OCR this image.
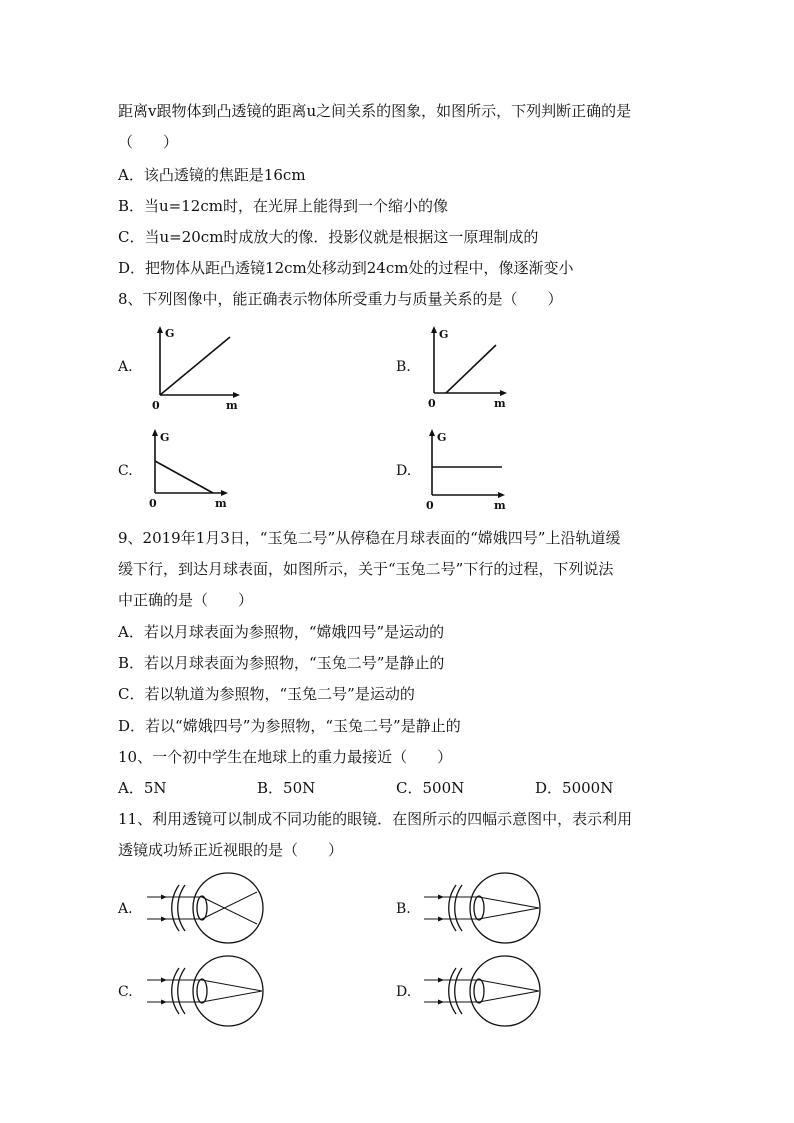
距离v跟物体到凸透镜的距离u之间关系的图象，如图所示，下列判断正确的是
（　　）
A．该凸透镜的焦距是16cm
B．当u=12cm时，在光屏上能得到一个缩小的像
C．当u=20cm时成放大的像．投影仪就是根据这一原理制成的
D．把物体从距凸透镜12cm处移动到24cm处的过程中，像逐渐变小
8、下列图像中，能正确表示物体所受重力与质量关系的是（　　）
A.
G
0	m
B.
G
0	m
C.
G
0	m
D.
G
0	m
9、2019年1月3日，“玉兔二号”从停稳在月球表面的“嫦娥四号”上沿轨道缓
缓下行，到达月球表面，如图所示，关于“玉兔二号”下行的过程，下列说法
中正确的是（　　）
A．若以月球表面为参照物，“嫦娥四号”是运动的
B．若以月球表面为参照物，“玉兔二号”是静止的
C．若以轨道为参照物，“玉兔二号”是运动的
D．若以“嫦娥四号”为参照物，“玉兔二号”是静止的
10、一个初中学生在地球上的重力最接近（　　）
A．5N	B．50N	C．500N	D．5000N
11、利用透镜可以制成不同功能的眼镜．在图所示的四幅示意图中，表示利用
透镜成功矫正近视眼的是（　　）
A.	B.
C.	D.
